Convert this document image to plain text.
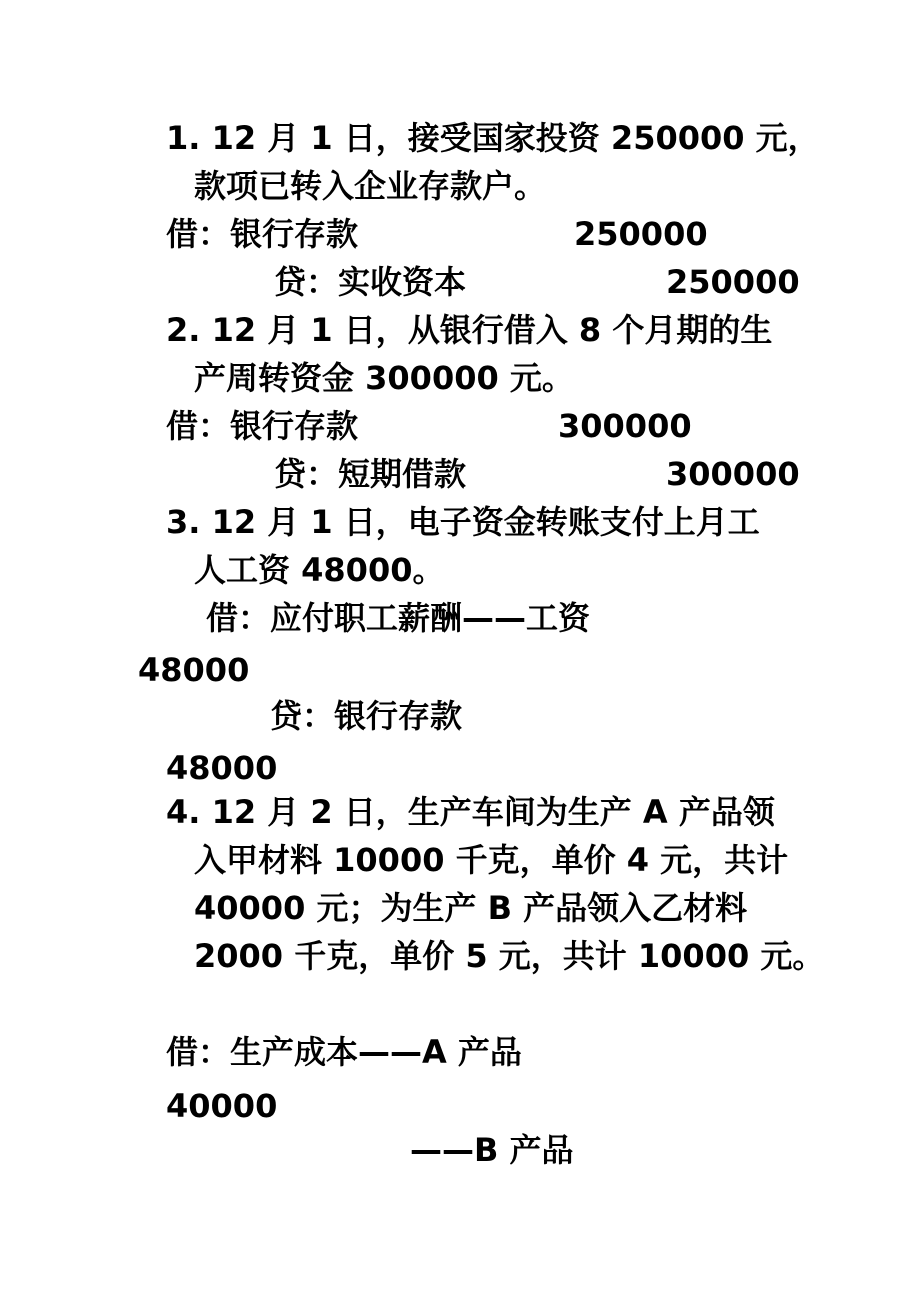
1. 12 月 1 日，接受国家投资 250000 元，
款项已转入企业存款户。
借：银行存款	250000
贷：实收资本	250000
2. 12 月 1 日，从银行借入 8 个月期的生
产周转资金 300000 元。
借：银行存款	300000
贷：短期借款	300000
3. 12 月 1 日，电子资金转账支付上月工
人工资 48000。
借：应付职工薪酬——工资
48000
贷：银行存款
48000
4. 12 月 2 日，生产车间为生产 A 产品领
入甲材料 10000 千克，单价 4 元，共计
40000 元；为生产 B 产品领入乙材料
2000 千克，单价 5 元，共计 10000 元。
借：生产成本——A 产品
40000
——B 产品
